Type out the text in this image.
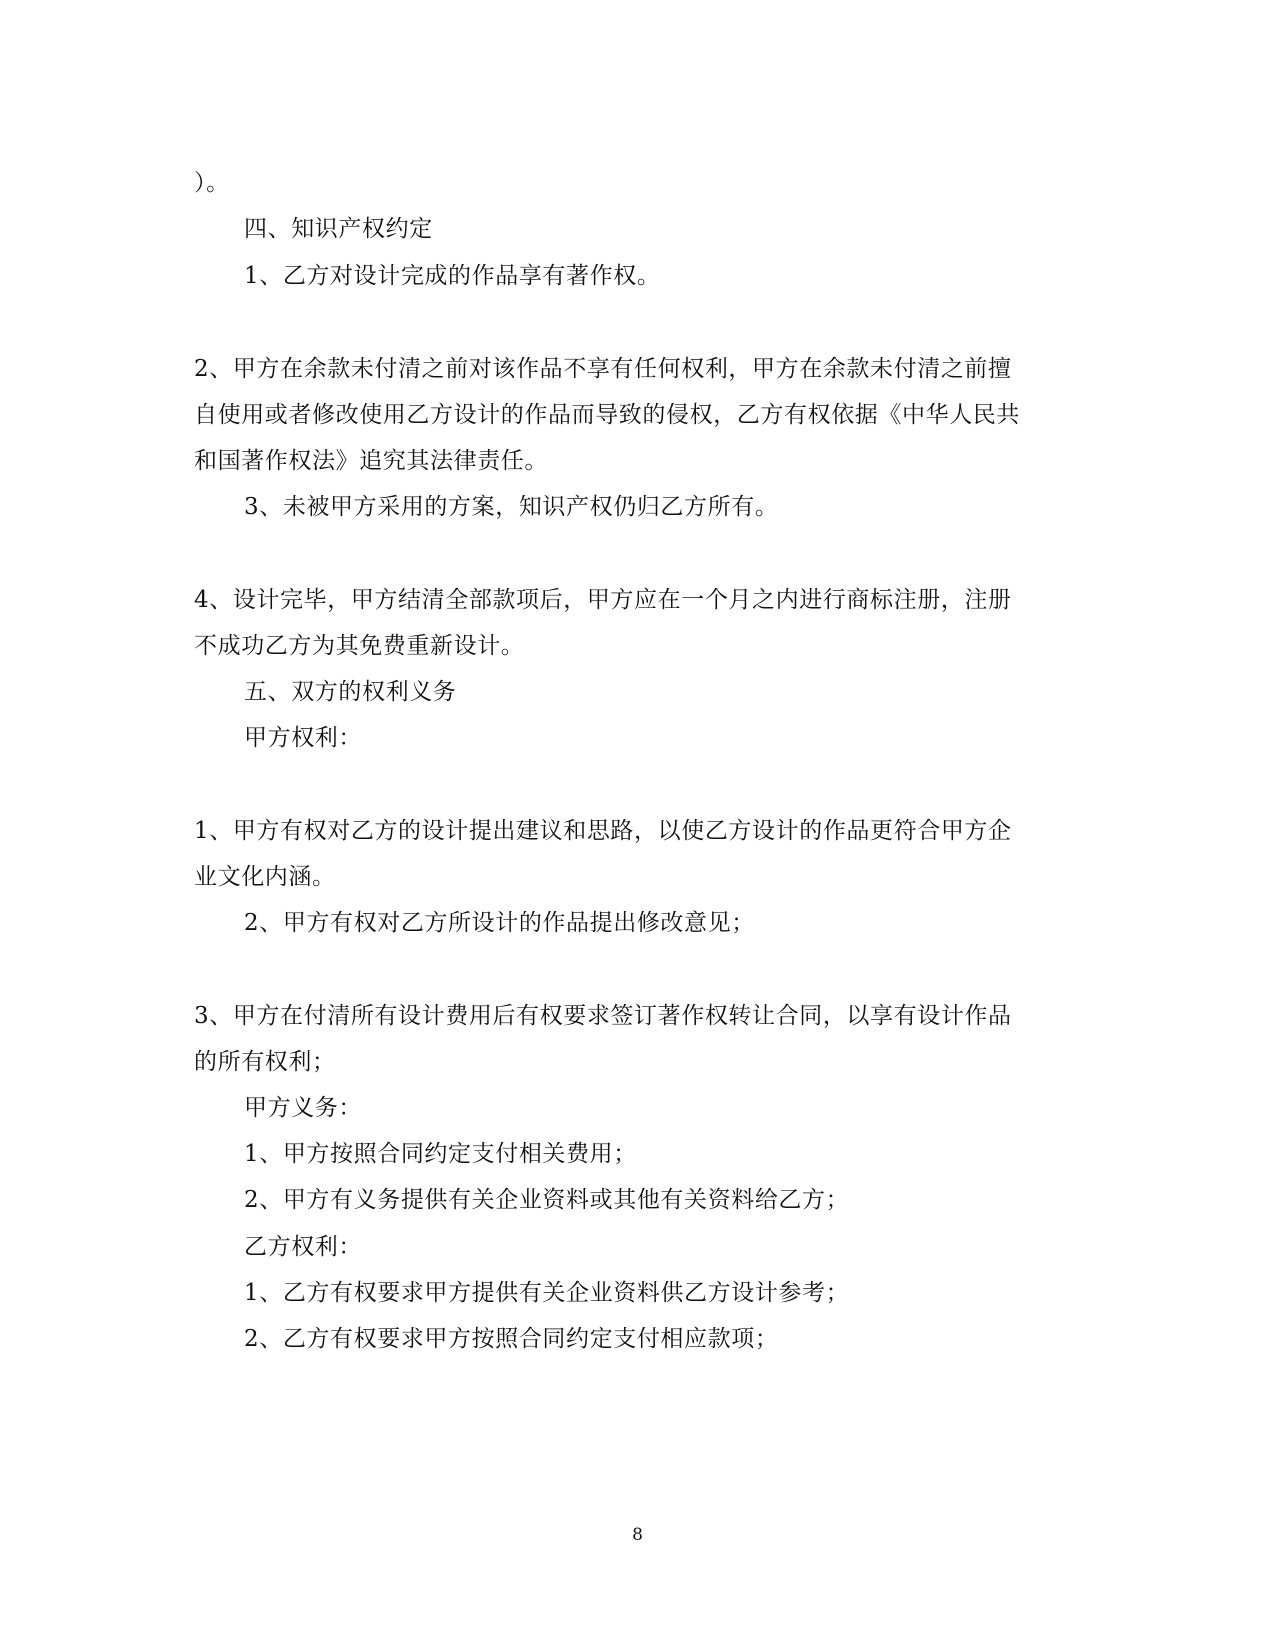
）。
四、知识产权约定
1、乙方对设计完成的作品享有著作权。
2、甲方在余款未付清之前对该作品不享有任何权利，甲方在余款未付清之前擅
自使用或者修改使用乙方设计的作品而导致的侵权，乙方有权依据《中华人民共
和国著作权法》追究其法律责任。
3、未被甲方采用的方案，知识产权仍归乙方所有。
4、设计完毕，甲方结清全部款项后，甲方应在一个月之内进行商标注册，注册
不成功乙方为其免费重新设计。
五、双方的权利义务
甲方权利：
1、甲方有权对乙方的设计提出建议和思路，以使乙方设计的作品更符合甲方企
业文化内涵。
2、甲方有权对乙方所设计的作品提出修改意见；
3、甲方在付清所有设计费用后有权要求签订著作权转让合同，以享有设计作品
的所有权利；
甲方义务：
1、甲方按照合同约定支付相关费用；
2、甲方有义务提供有关企业资料或其他有关资料给乙方；
乙方权利：
1、乙方有权要求甲方提供有关企业资料供乙方设计参考；
2、乙方有权要求甲方按照合同约定支付相应款项；
8
